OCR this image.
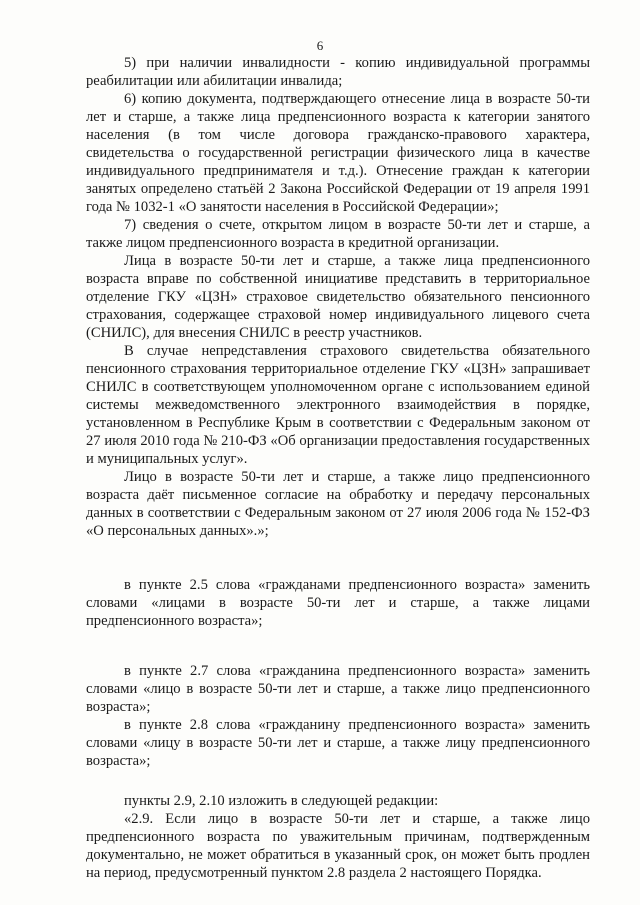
6

5) при наличии инвалидности - копию индивидуальной программы реабилитации или абилитации инвалида;

6) копию документа, подтверждающего отнесение лица в возрасте 50-ти лет и старше, а также лица предпенсионного возраста к категории занятого населения (в том числе договора гражданско-правового характера, свидетельства о государственной регистрации физического лица в качестве индивидуального предпринимателя и т.д.). Отнесение граждан к категории занятых определено статьёй 2 Закона Российской Федерации от 19 апреля 1991 года № 1032-1 «О занятости населения в Российской Федерации»;

7) сведения о счете, открытом лицом в возрасте 50-ти лет и старше, а также лицом предпенсионного возраста в кредитной организации.

Лица в возрасте 50-ти лет и старше, а также лица предпенсионного возраста вправе по собственной инициативе представить в территориальное отделение ГКУ «ЦЗН» страховое свидетельство обязательного пенсионного страхования, содержащее страховой номер индивидуального лицевого счета (СНИЛС), для внесения СНИЛС в реестр участников.

В случае непредставления страхового свидетельства обязательного пенсионного страхования территориальное отделение ГКУ «ЦЗН» запрашивает СНИЛС в соответствующем уполномоченном органе с использованием единой системы межведомственного электронного взаимодействия в порядке, установленном в Республике Крым в соответствии с Федеральным законом от 27 июля 2010 года № 210-ФЗ «Об организации предоставления государственных и муниципальных услуг».

Лицо в возрасте 50-ти лет и старше, а также лицо предпенсионного возраста даёт письменное согласие на обработку и передачу персональных данных в соответствии с Федеральным законом от 27 июля 2006 года № 152-ФЗ «О персональных данных».»;

в пункте 2.5 слова «гражданами предпенсионного возраста» заменить словами «лицами в возрасте 50-ти лет и старше, а также лицами предпенсионного возраста»;

в пункте 2.7 слова «гражданина предпенсионного возраста» заменить словами «лицо в возрасте 50-ти лет и старше, а также лицо предпенсионного возраста»;

в пункте 2.8 слова «гражданину предпенсионного возраста» заменить словами «лицу в возрасте 50-ти лет и старше, а также лицу предпенсионного возраста»;

пункты 2.9, 2.10 изложить в следующей редакции:

«2.9. Если лицо в возрасте 50-ти лет и старше, а также лицо предпенсионного возраста по уважительным причинам, подтвержденным документально, не может обратиться в указанный срок, он может быть продлен на период, предусмотренный пунктом 2.8 раздела 2 настоящего Порядка.
